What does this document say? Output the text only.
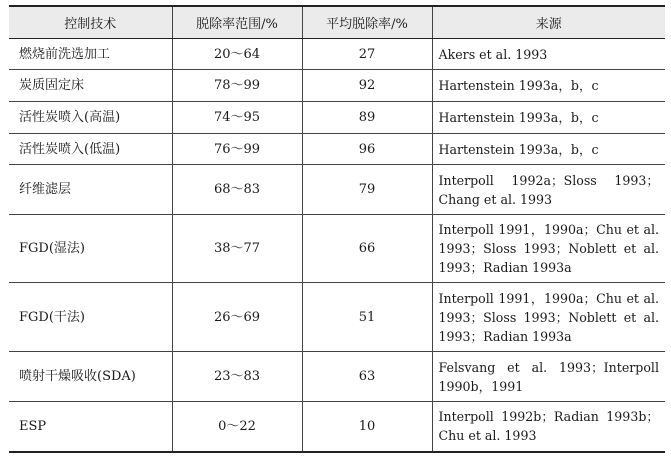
控制技术	脱除率范围/%	平均脱除率/%	来源
燃烧前洗选加工	20～64	27	Akers et al. 1993
炭质固定床	78～99	92	Hartenstein 1993a，b，c
活性炭喷入(高温)	74～95	89	Hartenstein 1993a，b，c
活性炭喷入(低温)	76～99	96	Hartenstein 1993a，b，c
纤维滤层	68～83	79	Interpoll 1992a；Sloss 1993；Chang et al. 1993
FGD(湿法)	38～77	66	Interpoll 1991，1990a；Chu et al. 1993；Sloss 1993；Noblett et al. 1993；Radian 1993a
FGD(干法)	26～69	51	Interpoll 1991，1990a；Chu et al. 1993；Sloss 1993；Noblett et al. 1993；Radian 1993a
喷射干燥吸收(SDA)	23～83	63	Felsvang et al. 1993；Interpoll 1990b，1991
ESP	0～22	10	Interpoll 1992b；Radian 1993b；Chu et al. 1993
